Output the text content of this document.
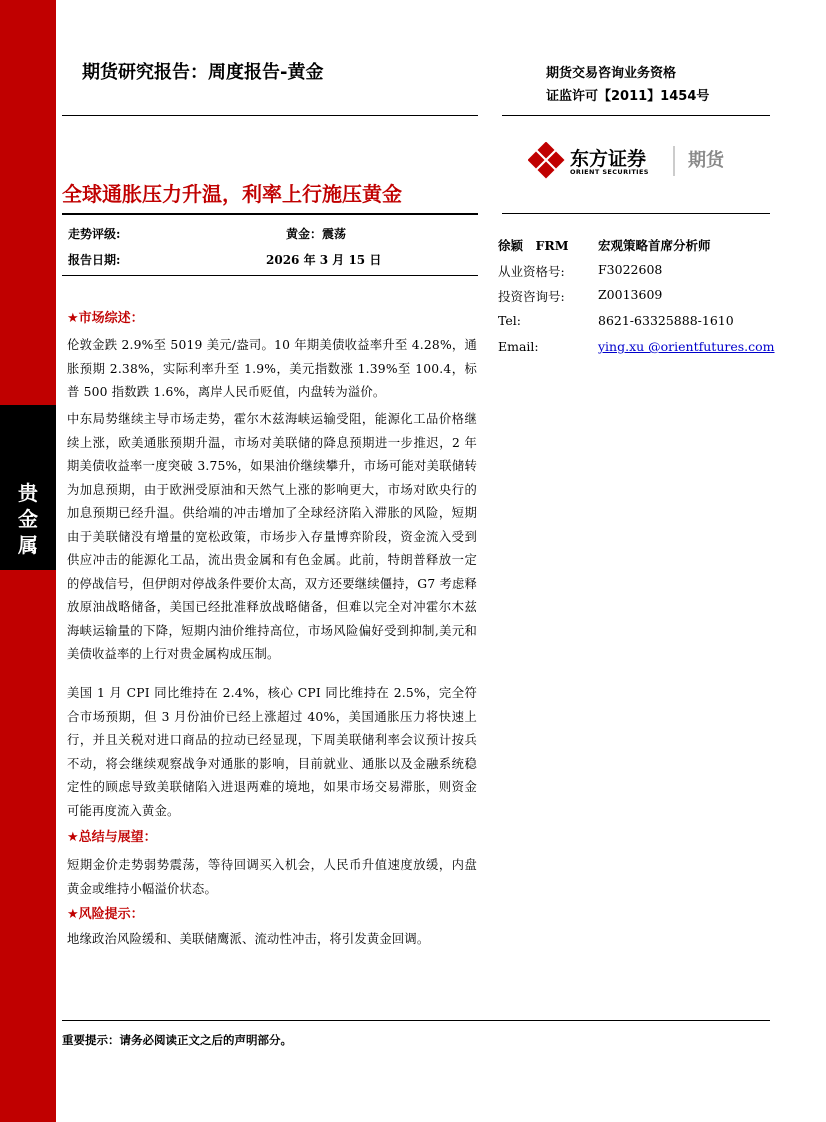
贵
金
属
期货研究报告：周度报告-黄金	期货交易咨询业务资格
证监许可【2011】1454号
东方证券
ORIENT SECURITIES
期货
全球通胀压力升温，利率上行施压黄金
走势评级:	黄金：震荡
报告日期:	2026 年 3 月 15 日
徐颖　FRM 宏观策略首席分析师
从业资格号:	F3022608
投资咨询号:	Z0013609
Tel:	8621-63325888-1610
Email:	ying.xu @orientfutures.com
★市场综述：
伦敦金跌 2.9%至 5019 美元/盎司。10 年期美债收益率升至 4.28%，通胀预期 2.38%，实际利率升至 1.9%，美元指数涨 1.39%至 100.4，标普 500 指数跌 1.6%，离岸人民币贬值，内盘转为溢价。
中东局势继续主导市场走势，霍尔木兹海峡运输受阻，能源化工品价格继续上涨，欧美通胀预期升温，市场对美联储的降息预期进一步推迟，2 年期美债收益率一度突破 3.75%，如果油价继续攀升，市场可能对美联储转为加息预期，由于欧洲受原油和天然气上涨的影响更大，市场对欧央行的加息预期已经升温。供给端的冲击增加了全球经济陷入滞胀的风险，短期由于美联储没有增量的宽松政策，市场步入存量博弈阶段，资金流入受到供应冲击的能源化工品，流出贵金属和有色金属。此前，特朗普释放一定的停战信号，但伊朗对停战条件要价太高，双方还要继续僵持，G7 考虑释放原油战略储备，美国已经批准释放战略储备，但难以完全对冲霍尔木兹海峡运输量的下降，短期内油价维持高位，市场风险偏好受到抑制,美元和美债收益率的上行对贵金属构成压制。
美国 1 月 CPI 同比维持在 2.4%，核心 CPI 同比维持在 2.5%，完全符合市场预期，但 3 月份油价已经上涨超过 40%，美国通胀压力将快速上行，并且关税对进口商品的拉动已经显现，下周美联储利率会议预计按兵不动，将会继续观察战争对通胀的影响，目前就业、通胀以及金融系统稳定性的顾虑导致美联储陷入进退两难的境地，如果市场交易滞胀，则资金可能再度流入黄金。
★总结与展望：
短期金价走势弱势震荡，等待回调买入机会，人民币升值速度放缓，内盘黄金或维持小幅溢价状态。
★风险提示：
地缘政治风险缓和、美联储鹰派、流动性冲击，将引发黄金回调。
重要提示：请务必阅读正文之后的声明部分。
